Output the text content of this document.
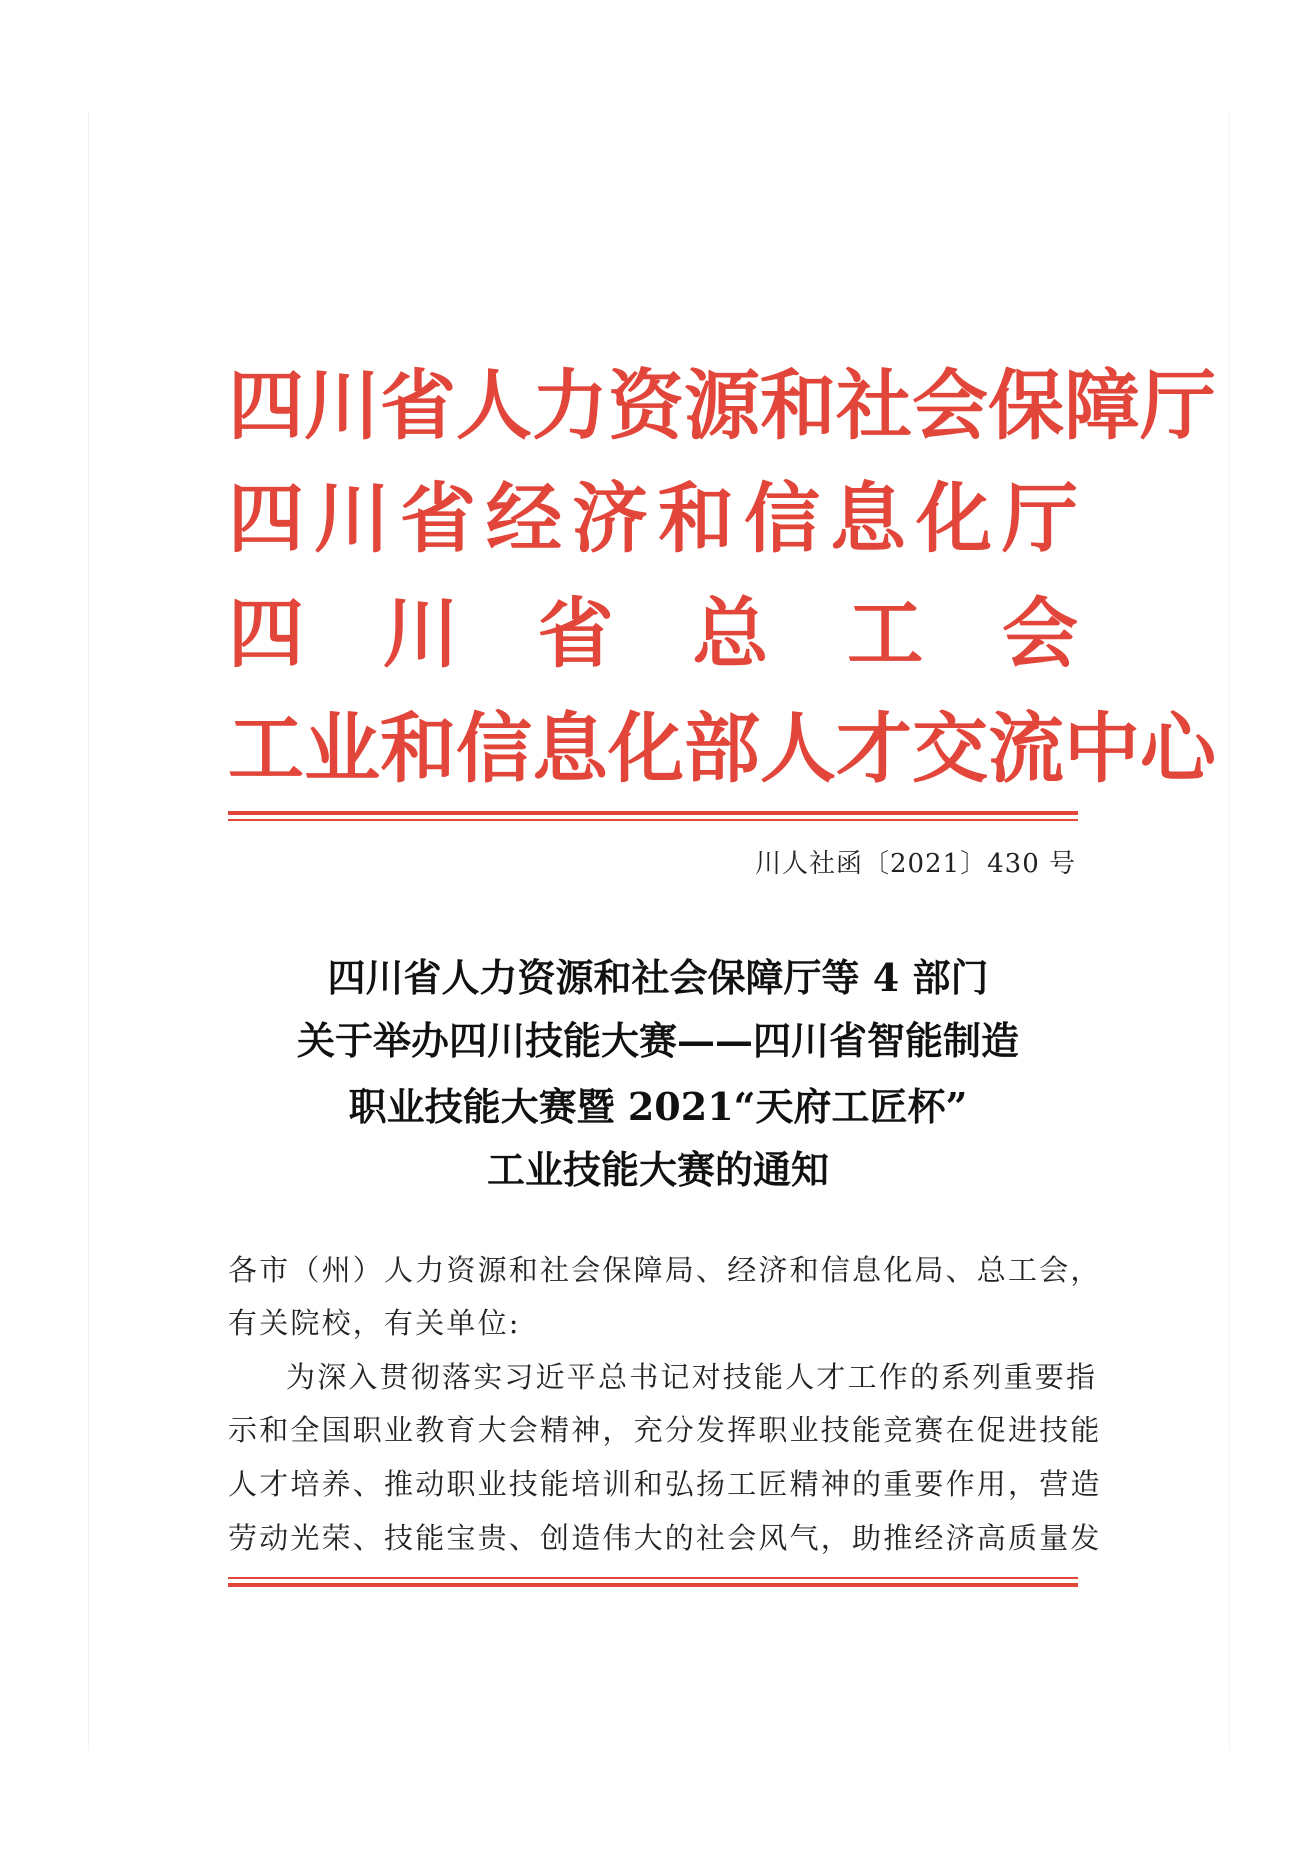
四 川 省 人 力 资 源 和 社 会 保 障 厅
四 川 省 经 济 和 信 息 化 厅
四 川 省 总 工 会
工 业 和 信 息 化 部 人 才 交 流 中 心
川人社函〔2021〕430 号
四川省人力资源和社会保障厅等 4 部门
关于举办四川技能大赛——四川省智能制造
职业技能大赛暨 2021“天府工匠杯”
工业技能大赛的通知
各市（州）人力资源和社会保障局、经济和信息化局、总工会，
有关院校，有关单位:
为深入贯彻落实习近平总书记对技能人才工作的系列重要指
示和全国职业教育大会精神，充分发挥职业技能竞赛在促进技能
人才培养、推动职业技能培训和弘扬工匠精神的重要作用，营造
劳动光荣、技能宝贵、创造伟大的社会风气，助推经济高质量发
